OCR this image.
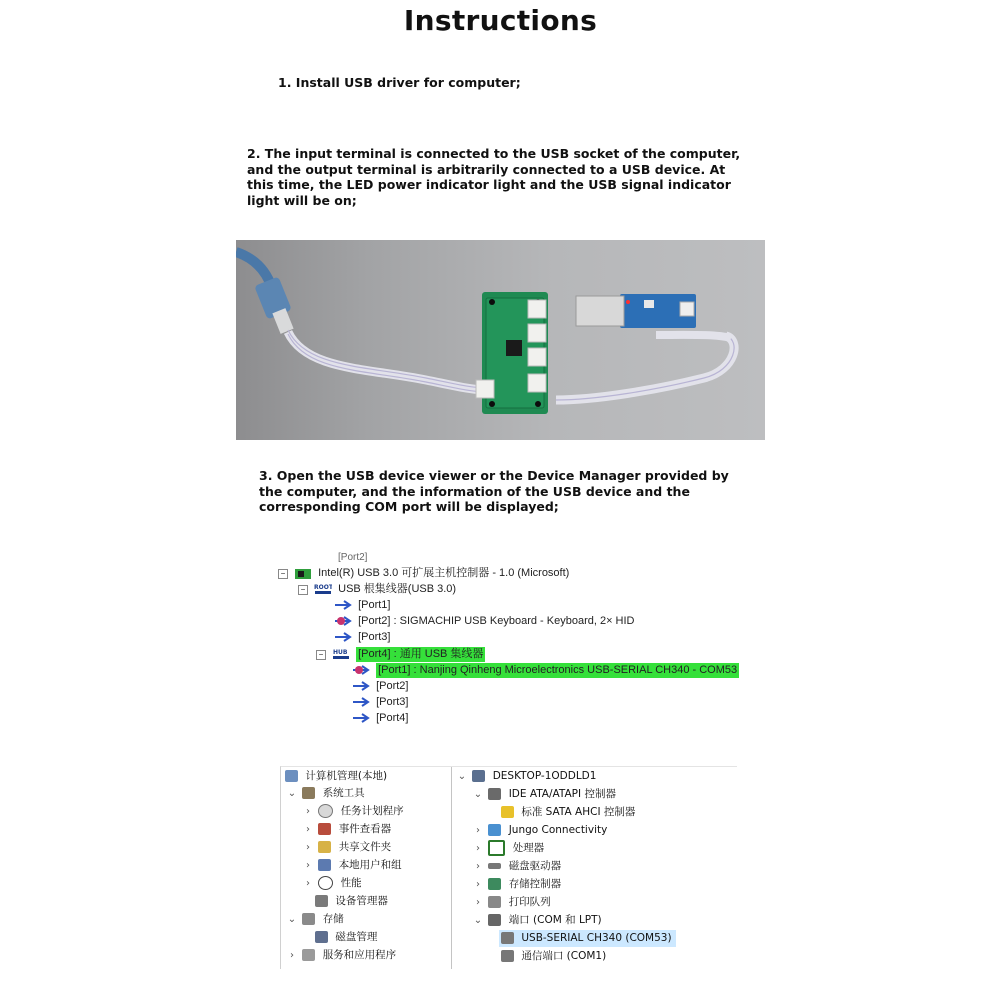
Instructions
1. Install USB driver for computer;
2. The input terminal is connected to the USB socket of the computer, and the output terminal is arbitrarily connected to a USB device. At this time, the LED power indicator light and the USB signal indicator light will be on;
3. Open the USB device viewer or the Device Manager provided by the computer, and the information of the USB device and the corresponding COM port will be displayed;
[Port2]
−	Intel(R) USB 3.0 可扩展主机控制器 - 1.0 (Microsoft)
− ROOT USB 根集线器(USB 3.0)
[Port1]
[Port2] : SIGMACHIP USB Keyboard - Keyboard, 2× HID
[Port3]
− HUB [Port4] : 通用 USB 集线器
[Port1] : Nanjing Qinheng Microelectronics USB-SERIAL CH340 - COM53
[Port2]
[Port3]
[Port4]
计算机管理(本地)
⌄	系统工具
›	任务计划程序
›	事件查看器
›	共享文件夹
›	本地用户和组
›	性能
设备管理器
⌄	存储
磁盘管理
›	服务和应用程序
⌄	DESKTOP-1ODDLD1
⌄	IDE ATA/ATAPI 控制器
标准 SATA AHCI 控制器
›	Jungo Connectivity
›	处理器
›	磁盘驱动器
›	存储控制器
›	打印队列
⌄	端口 (COM 和 LPT)
USB-SERIAL CH340 (COM53)
通信端口 (COM1)
